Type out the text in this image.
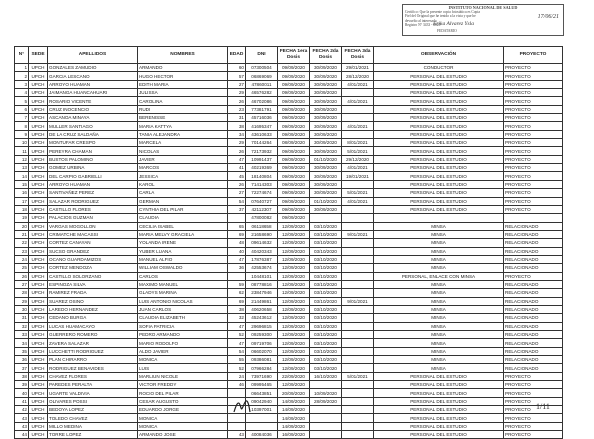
INSTITUTO NACIONAL DE SALUD
Certifico: Que la presente copia fotostática es Copia
Fiel del Original que he tenido a la vista y que he
devuelto al interesado
Registro N° 3433 - 2020
Erika Alvarez Ysla
FEDATARIO
17/06/21
N°	SEDE	APELLIDOS	NOMBRES	EDAD	DNI	FECHA 1era Dosis	FECHA 2da Dosis	FECHA 3da Dosis	OBSERVACIÓN	PROYECTO
1	UPCH	GONZALES ZAMUDIO	ARMANDO	60	07300504	09/09/2020	30/09/2020	29/01/2021	CONDUCTOR	PROYECTO
2	UPCH	GARCIA LESCANO	HUGO HECTOR	57	06869069	09/09/2020	30/09/2020	28/12/2020	PERSONAL DEL ESTUDIO	PROYECTO
3	UPCH	ARROYO HUAMAN	EDITH MARIA	27	47860011	09/09/2020	30/09/2020	4/01/2021	PERSONAL DEL ESTUDIO	PROYECTO
4	UPCH	JAIMANGA HUANCAHUARI	JULISSA	29	46576282	09/09/2020	30/09/2020		PERSONAL DEL ESTUDIO	PROYECTO
5	UPCH	ROSARIO VICENTE	CAROLINA	26	46702086	09/09/2020	30/09/2020	4/01/2021	PERSONAL DEL ESTUDIO	PROYECTO
6	UPCH	CRUZ INOCENCIO	RUDI	23	77381791	09/09/2020	30/09/2020		PERSONAL DEL ESTUDIO	PROYECTO
7	UPCH	ASCANOA MINAYA	BERENISSE	31	45716036	09/09/2020	30/09/2020		PERSONAL DEL ESTUDIO	PROYECTO
8	UPCH	MULLER SANTIAGO	MARIA KATTYA	38	41695347	09/09/2020	30/09/2020	4/01/2021	PERSONAL DEL ESTUDIO	PROYECTO
9	UPCH	DE LA CRUZ SALDAÑA	TANIA ALEJANDRA	34	43610633	09/09/2020	30/09/2020		PERSONAL DEL ESTUDIO	PROYECTO
10	UPCH	MONTUFAR CRESPO	MARCELA	29	70144264	08/09/2020	30/09/2020	8/01/2021	PERSONAL DEL ESTUDIO	PROYECTO
11	UPCH	PEREYRA CHAMAN	NICOLAS	26	72173932	09/09/2020	30/09/2020	5/01/2021	PERSONAL DEL ESTUDIO	PROYECTO
12	UPCH	BUSTOS PALOMINO	JAVIER	47	10991437	09/09/2020	01/10/2020	29/12/2020	PERSONAL DEL ESTUDIO	PROYECTO
13	UPCH	GOMEZ URBINA	MARCOS	41	40219369	09/09/2020	30/09/2020	4/01/2021	PERSONAL DEL ESTUDIO	PROYECTO
14	UPCH	DEL CARPIO GABRIELLI	JESSICA	45	18140804	09/09/2020	30/09/2020	19/01/2021	PERSONAL DEL ESTUDIO	PROYECTO
15	UPCH	ARROYO HUAMAN	KAROL	26	71414303	09/09/2020	30/09/2020		PERSONAL DEL ESTUDIO	PROYECTO
16	UPCH	SANTIVAÑEZ PEREZ	CARLA	27	72274674	09/09/2020	30/09/2020	5/01/2021	PERSONAL DEL ESTUDIO	PROYECTO
17	UPCH	SALAZAR RODRIGUEZ	GERMAN	54	07640727	09/09/2020	01/10/2020	4/01/2021	PERSONAL DEL ESTUDIO	PROYECTO
18	UPCH	CASTILLO FLORES	CYNTHIA DEL PILAR	37	42112307	09/09/2020	30/09/2020		PERSONAL DEL ESTUDIO	PROYECTO
19	UPCH	PALACIOS GUZMAN	CLAUDIA		47800082	09/09/2020				
20	UPCH	VARGAS MOGOLLON	CECILIA ISABEL	65	06118658	12/09/2020	03/10/2020		MINSA	RELACIONADO
21	UPCH	CRIMATCHE MACASSI	MARIA MELVY GRACIELA	69	21658690	12/09/2020	03/10/2020	9/01/2021	MINSA	RELACIONADO
22	UPCH	CORTEZ CANAYAN	YOLANDA IRENE	48	09614632	12/09/2020	03/10/2020		MINSA	RELACIONADO
23	UPCH	SUCSO GRANDEZ	YUBER LUANA	40	40420343	12/09/2020	03/10/2020		MINSA	RELACIONADO
24	UPCH	OCANO GUARDAMIZOS	MANUEL ALFIO	47	17876387	12/09/2020	03/10/2020		MINSA	RELACIONADO
25	UPCH	CORTEZ MENDOZA	WILLIAM OSWALDO	36	42553674	12/09/2020	03/10/2020		MINSA	RELACIONADO
26	UPCH	CASTILLO SOLORZANO	CARLOS		10448101	12/09/2020	03/10/2020		PERSONAL, ENLACE CON MINSA	PROYECTO
27	UPCH	ESPINOZA SILVA	MAXIMO MANUEL	59	08778816	12/09/2020	03/10/2020		MINSA	RELACIONADO
28	UPCH	RAMIREZ FRADA	GLADYS MARINA	62	23847946	12/09/2020	03/10/2020		MINSA	RELACIONADO
29	UPCH	SUAREZ OSINO	LUIS ANTONIO NICOLAS	69	21449861	12/09/2020	03/10/2020	9/01/2021	MINSA	RELACIONADO
30	UPCH	LAREDO HERNANDEZ	JUAN CARLOS	38	40620658	12/09/2020	03/10/2020		MINSA	RELACIONADO
31	UPCH	CEDANO BURGA	CLAUDIA ELIZABETH	32	45243612	12/09/2020	03/10/2020		MINSA	RELACIONADO
32	UPCH	LUCAS HUAMACAYO	SOFIA PATRICIA	47	29696815	12/09/2020	03/10/2020		MINSA	RELACIONADO
33	UPCH	GUERRERO ROMERO	PEDRO ARMANDO	52	09259300	12/09/2020	03/10/2020		MINSA	RELACIONADO
34	UPCH	ZAVERA SALAZAR	MARIO RODOLFO	47	09719706	12/09/2020	03/10/2020		MINSA	RELACIONADO
35	UPCH	LUCCHETTI RODRIGUEZ	ALDO JAVIER	54	06602070	12/09/2020	03/10/2020		MINSA	RELACIONADO
36	UPCH	PLAN CHIRARRO	MONICA	55	09386081	12/09/2020	03/10/2020		MINSA	RELACIONADO
37	UPCH	RODRIGUEZ BENAVIDES	LUIS	52	07966284	12/09/2020	03/10/2020		MINSA	RELACIONADO
38	UPCH	CHAVEZ FLORES	MARLIUN NICOLE	24	73971690	22/09/2020	16/10/2020	5/01/2021	PERSONAL DEL ESTUDIO	PROYECTO
39	UPCH	PAREDES PERALTA	VICTOR FREDDY	46	09995465	12/09/2020			PERSONAL DEL ESTUDIO	PROYECTO
40	UPCH	UGARTE VALDIVIA	ROCIO DEL PILAR		06643851	20/09/2020	10/09/2020		PERSONAL DEL ESTUDIO	PROYECTO
41	UPCH	OLIVARES POSSI	CESAR AUGUSTO		09042940	14/09/2020	28/09/2020		PERSONAL DEL ESTUDIO	PROYECTO
42	UPCH	BEDOYA LOPEZ	EDUARDO JORGE		10397001	14/09/2020			PERSONAL DEL ESTUDIO	PROYECTO
43	UPCH	TOLEDO CHAVEZ	MONICA			14/09/2020			PERSONAL DEL ESTUDIO	PROYECTO
43	UPCH	MILLO MEDINA	MONICA			14/09/2020			PERSONAL DEL ESTUDIO	PROYECTO
44	UPCH	TORRE LOPEZ	ARMANDO JOSE	43	40084036	16/09/2020			PERSONAL DEL ESTUDIO	PROYECTO
1/11
